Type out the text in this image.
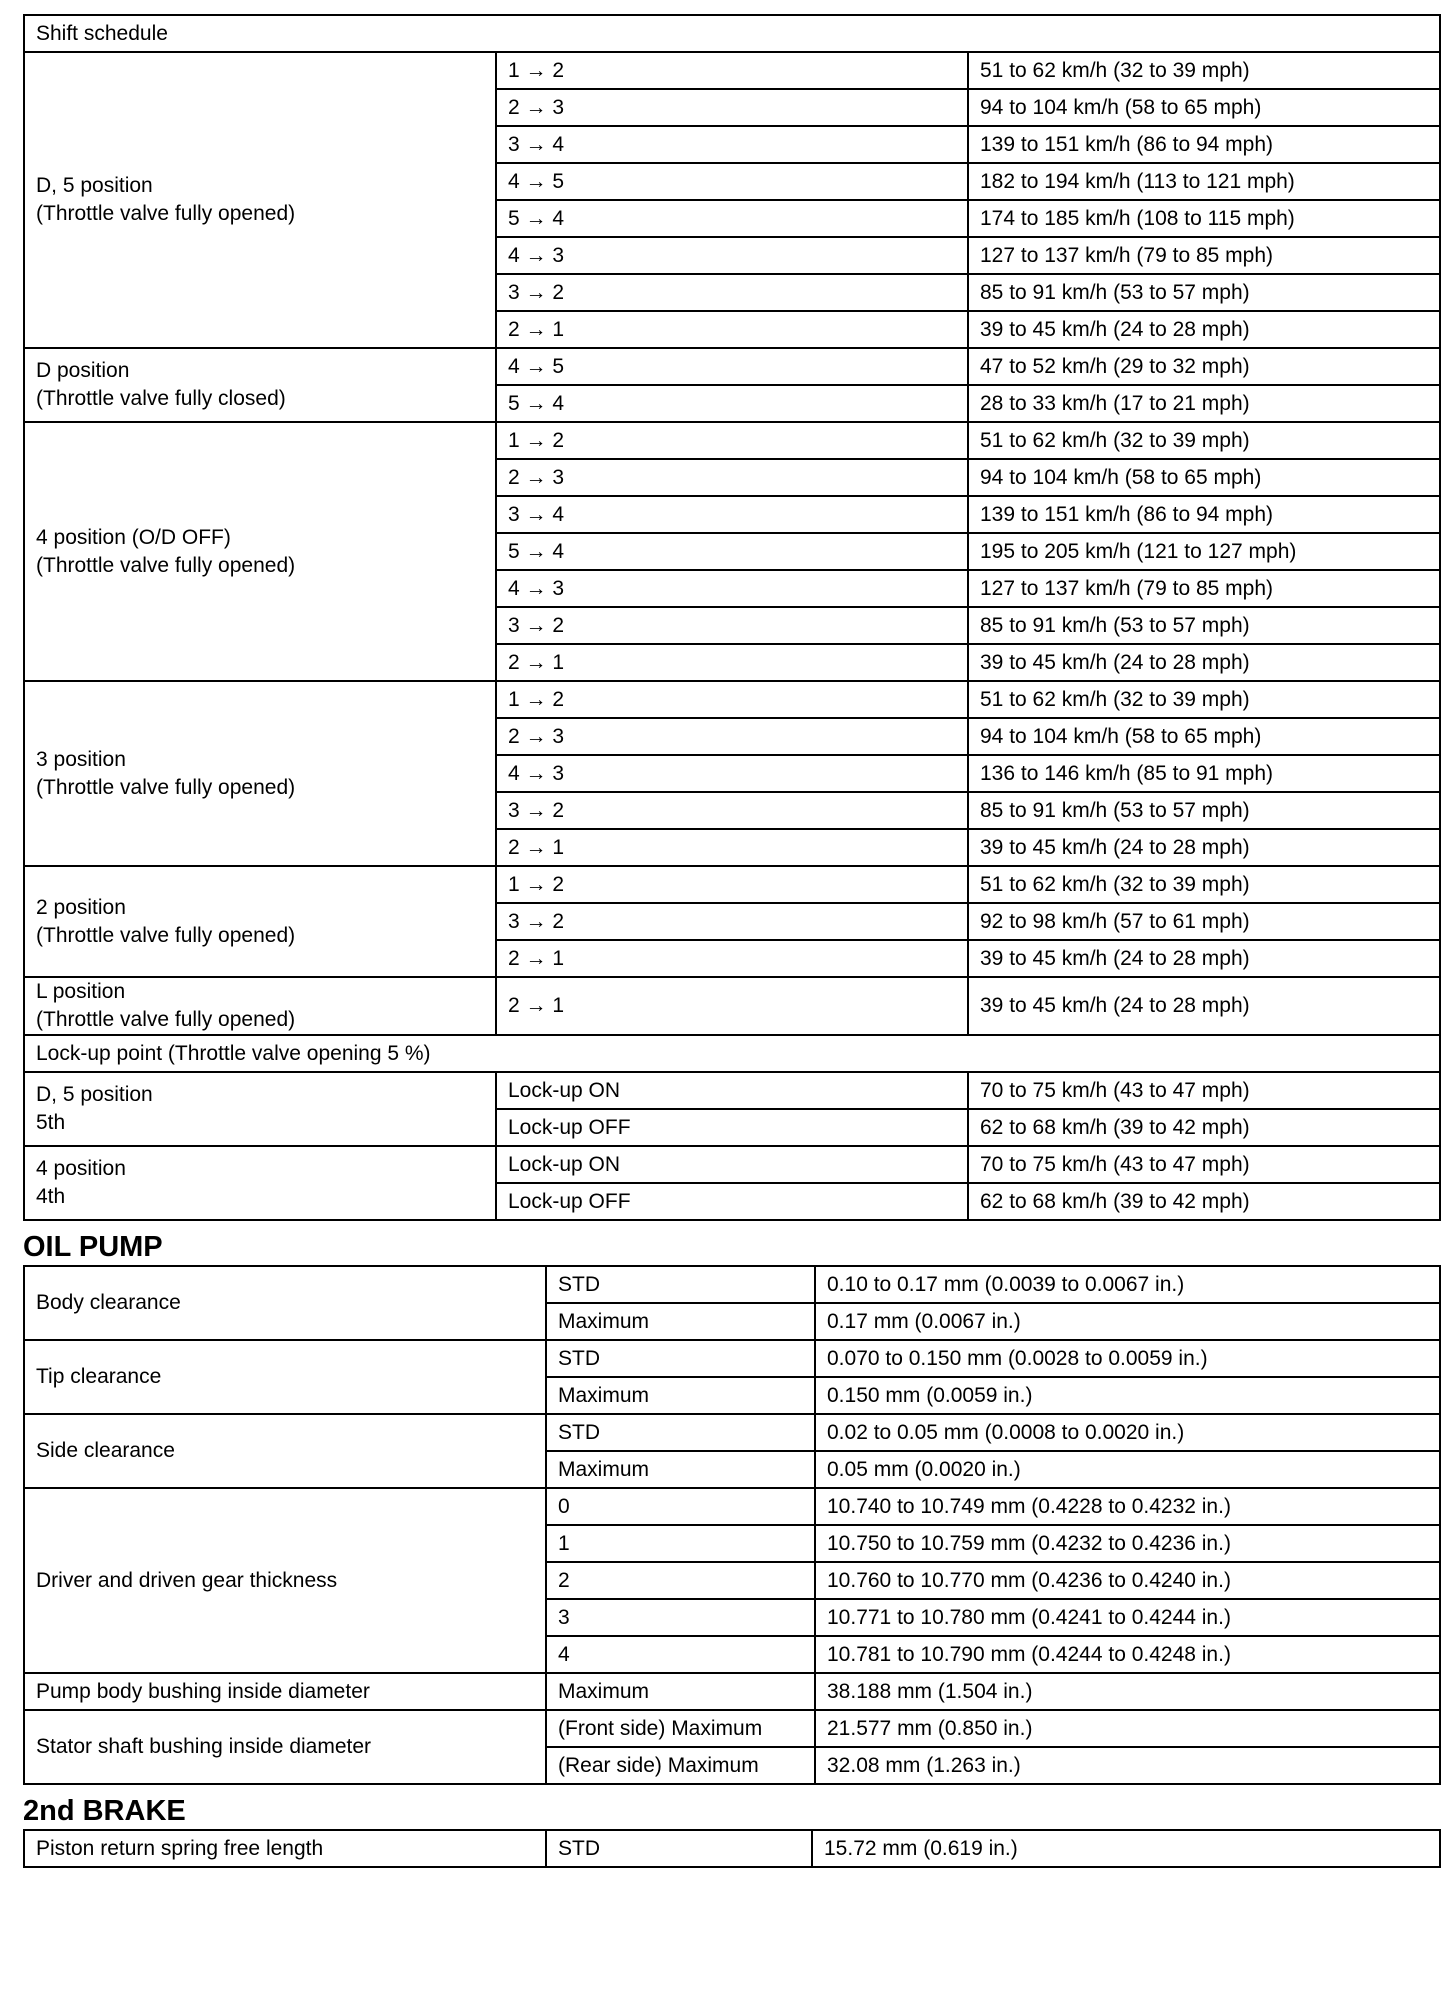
Shift schedule		

D, 5 position
(Throttle valve fully opened)	1 → 2	51 to 62 km/h (32 to 39 mph)
	2 → 3	94 to 104 km/h (58 to 65 mph)
	3 → 4	139 to 151 km/h (86 to 94 mph)
	4 → 5	182 to 194 km/h (113 to 121 mph)
	5 → 4	174 to 185 km/h (108 to 115 mph)
	4 → 3	127 to 137 km/h (79 to 85 mph)
	3 → 2	85 to 91 km/h (53 to 57 mph)
	2 → 1	39 to 45 km/h (24 to 28 mph)

D position
(Throttle valve fully closed)	4 → 5	47 to 52 km/h (29 to 32 mph)
	5 → 4	28 to 33 km/h (17 to 21 mph)

4 position (O/D OFF)
(Throttle valve fully opened)	1 → 2	51 to 62 km/h (32 to 39 mph)
	2 → 3	94 to 104 km/h (58 to 65 mph)
	3 → 4	139 to 151 km/h (86 to 94 mph)
	5 → 4	195 to 205 km/h (121 to 127 mph)
	4 → 3	127 to 137 km/h (79 to 85 mph)
	3 → 2	85 to 91 km/h (53 to 57 mph)
	2 → 1	39 to 45 km/h (24 to 28 mph)

3 position
(Throttle valve fully opened)	1 → 2	51 to 62 km/h (32 to 39 mph)
	2 → 3	94 to 104 km/h (58 to 65 mph)
	4 → 3	136 to 146 km/h (85 to 91 mph)
	3 → 2	85 to 91 km/h (53 to 57 mph)
	2 → 1	39 to 45 km/h (24 to 28 mph)

2 position
(Throttle valve fully opened)	1 → 2	51 to 62 km/h (32 to 39 mph)
	3 → 2	92 to 98 km/h (57 to 61 mph)
	2 → 1	39 to 45 km/h (24 to 28 mph)

L position
(Throttle valve fully opened)	2 → 1	39 to 45 km/h (24 to 28 mph)
Lock-up point (Throttle valve opening 5 %)		

D, 5 position
5th	Lock-up ON	70 to 75 km/h (43 to 47 mph)
	Lock-up OFF	62 to 68 km/h (39 to 42 mph)

4 position
4th	Lock-up ON	70 to 75 km/h (43 to 47 mph)
	Lock-up OFF	62 to 68 km/h (39 to 42 mph)
OIL PUMP
Body clearance	STD	0.10 to 0.17 mm (0.0039 to 0.0067 in.)
	Maximum	0.17 mm (0.0067 in.)
Tip clearance	STD	0.070 to 0.150 mm (0.0028 to 0.0059 in.)
	Maximum	0.150 mm (0.0059 in.)
Side clearance	STD	0.02 to 0.05 mm (0.0008 to 0.0020 in.)
	Maximum	0.05 mm (0.0020 in.)
Driver and driven gear thickness	0	10.740 to 10.749 mm (0.4228 to 0.4232 in.)
	1	10.750 to 10.759 mm (0.4232 to 0.4236 in.)
	2	10.760 to 10.770 mm (0.4236 to 0.4240 in.)
	3	10.771 to 10.780 mm (0.4241 to 0.4244 in.)
	4	10.781 to 10.790 mm (0.4244 to 0.4248 in.)
Pump body bushing inside diameter	Maximum	38.188 mm (1.504 in.)
Stator shaft bushing inside diameter	(Front side) Maximum	21.577 mm (0.850 in.)
	(Rear side) Maximum	32.08 mm (1.263 in.)
2nd BRAKE
Piston return spring free length	STD	15.72 mm (0.619 in.)
